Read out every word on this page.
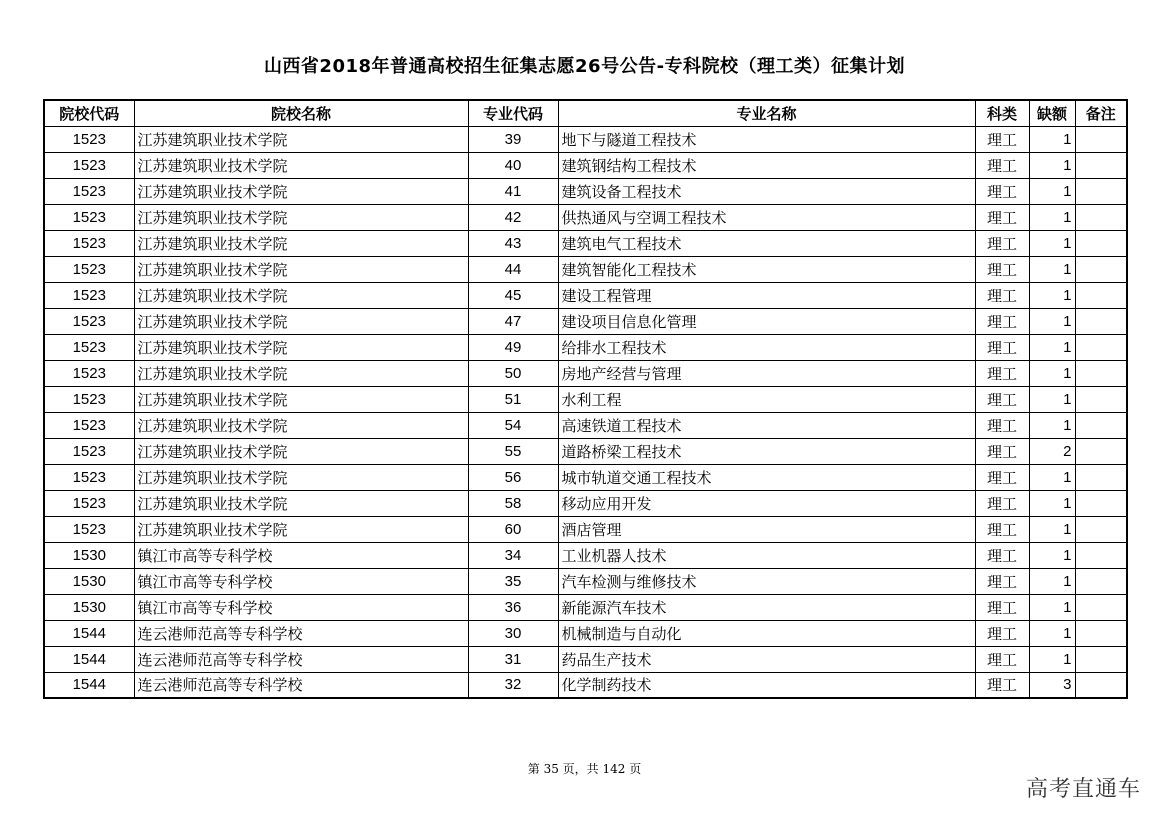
山西省2018年普通高校招生征集志愿26号公告-专科院校（理工类）征集计划
院校代码	院校名称	专业代码	专业名称	科类	缺额	备注
1523	江苏建筑职业技术学院	39	地下与隧道工程技术	理工	1	
1523	江苏建筑职业技术学院	40	建筑钢结构工程技术	理工	1	
1523	江苏建筑职业技术学院	41	建筑设备工程技术	理工	1	
1523	江苏建筑职业技术学院	42	供热通风与空调工程技术	理工	1	
1523	江苏建筑职业技术学院	43	建筑电气工程技术	理工	1	
1523	江苏建筑职业技术学院	44	建筑智能化工程技术	理工	1	
1523	江苏建筑职业技术学院	45	建设工程管理	理工	1	
1523	江苏建筑职业技术学院	47	建设项目信息化管理	理工	1	
1523	江苏建筑职业技术学院	49	给排水工程技术	理工	1	
1523	江苏建筑职业技术学院	50	房地产经营与管理	理工	1	
1523	江苏建筑职业技术学院	51	水利工程	理工	1	
1523	江苏建筑职业技术学院	54	高速铁道工程技术	理工	1	
1523	江苏建筑职业技术学院	55	道路桥梁工程技术	理工	2	
1523	江苏建筑职业技术学院	56	城市轨道交通工程技术	理工	1	
1523	江苏建筑职业技术学院	58	移动应用开发	理工	1	
1523	江苏建筑职业技术学院	60	酒店管理	理工	1	
1530	镇江市高等专科学校	34	工业机器人技术	理工	1	
1530	镇江市高等专科学校	35	汽车检测与维修技术	理工	1	
1530	镇江市高等专科学校	36	新能源汽车技术	理工	1	
1544	连云港师范高等专科学校	30	机械制造与自动化	理工	1	
1544	连云港师范高等专科学校	31	药品生产技术	理工	1	
1544	连云港师范高等专科学校	32	化学制药技术	理工	3	
第 35 页，共 142 页
高考直通车
